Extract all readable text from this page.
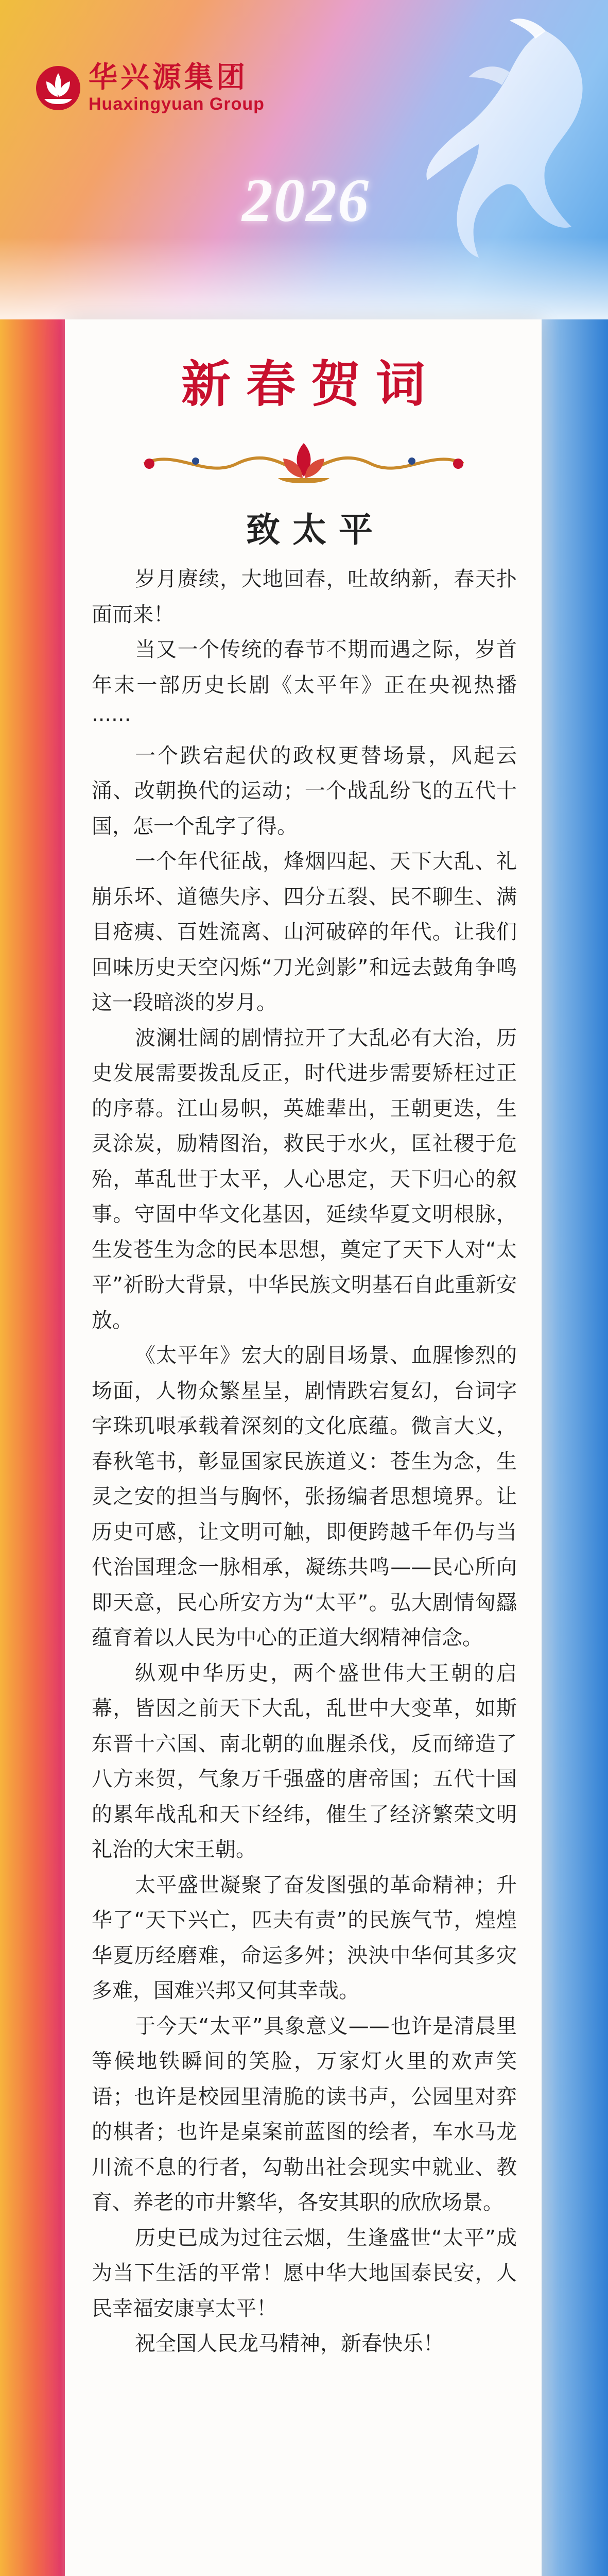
华兴源集团
Huaxingyuan Group
2026
新春贺词
致太平

岁月赓续，大地回春，吐故纳新，春天扑面而来！

当又一个传统的春节不期而遇之际，岁首年末一部历史长剧《太平年》正在央视热播······

一个跌宕起伏的政权更替场景，风起云涌、改朝换代的运动；一个战乱纷飞的五代十国，怎一个乱字了得。

一个年代征战，烽烟四起、天下大乱、礼崩乐坏、道德失序、四分五裂、民不聊生、满目疮痍、百姓流离、山河破碎的年代。让我们回味历史天空闪烁“刀光剑影”和远去鼓角争鸣这一段暗淡的岁月。

波澜壮阔的剧情拉开了大乱必有大治，历史发展需要拨乱反正，时代进步需要矫枉过正的序幕。江山易帜，英雄辈出，王朝更迭，生灵涂炭，励精图治，救民于水火，匡社稷于危殆，革乱世于太平，人心思定，天下归心的叙事。守固中华文化基因，延续华夏文明根脉，生发苍生为念的民本思想，奠定了天下人对“太平”祈盼大背景，中华民族文明基石自此重新安放。

《太平年》宏大的剧目场景、血腥惨烈的场面，人物众繁星呈，剧情跌宕复幻，台词字字珠玑哏承载着深刻的文化底蕴。微言大义，春秋笔书，彰显国家民族道义：苍生为念，生灵之安的担当与胸怀，张扬编者思想境界。让历史可感，让文明可触，即便跨越千年仍与当代治国理念一脉相承，凝练共鸣——民心所向即天意，民心所安方为“太平”。弘大剧情匈羉蕴育着以人民为中心的正道大纲精神信念。

纵观中华历史，两个盛世伟大王朝的启幕，皆因之前天下大乱，乱世中大变革，如斯东晋十六国、南北朝的血腥杀伐，反而缔造了八方来贺，气象万千强盛的唐帝国；五代十国的累年战乱和天下经纬，催生了经济繁荣文明礼治的大宋王朝。

太平盛世凝聚了奋发图强的革命精神；升华了“天下兴亡，匹夫有责”的民族气节，煌煌华夏历经磨难，命运多舛；泱泱中华何其多灾多难，国难兴邦又何其幸哉。

于今天“太平”具象意义——也许是清晨里等候地铁瞬间的笑脸，万家灯火里的欢声笑语；也许是校园里清脆的读书声，公园里对弈的棋者；也许是桌案前蓝图的绘者，车水马龙川流不息的行者，勾勒出社会现实中就业、教育、养老的市井繁华，各安其职的欣欣场景。

历史已成为过往云烟，生逢盛世“太平”成为当下生活的平常！愿中华大地国泰民安，人民幸福安康享太平！

祝全国人民龙马精神，新春快乐！
